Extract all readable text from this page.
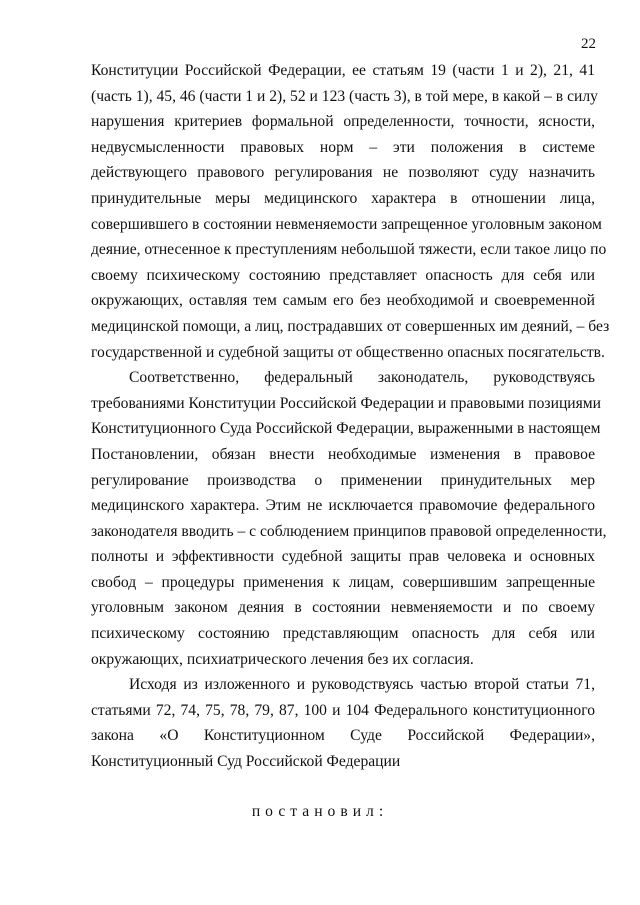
22

Конституции Российской Федерации, ее статьям 19 (части 1 и 2), 21, 41
(часть 1), 45, 46 (части 1 и 2), 52 и 123 (часть 3), в той мере, в какой – в силу
нарушения критериев формальной определенности, точности, ясности,
недвусмысленности правовых норм – эти положения в системе
действующего правового регулирования не позволяют суду назначить
принудительные меры медицинского характера в отношении лица,
совершившего в состоянии невменяемости запрещенное уголовным законом
деяние, отнесенное к преступлениям небольшой тяжести, если такое лицо по
своему психическому состоянию представляет опасность для себя или
окружающих, оставляя тем самым его без необходимой и своевременной
медицинской помощи, а лиц, пострадавших от совершенных им деяний, – без
государственной и судебной защиты от общественно опасных посягательств.

Соответственно, федеральный законодатель, руководствуясь
требованиями Конституции Российской Федерации и правовыми позициями
Конституционного Суда Российской Федерации, выраженными в настоящем
Постановлении, обязан внести необходимые изменения в правовое
регулирование производства о применении принудительных мер
медицинского характера. Этим не исключается правомочие федерального
законодателя вводить – с соблюдением принципов правовой определенности,
полноты и эффективности судебной защиты прав человека и основных
свобод – процедуры применения к лицам, совершившим запрещенные
уголовным законом деяния в состоянии невменяемости и по своему
психическому состоянию представляющим опасность для себя или
окружающих, психиатрического лечения без их согласия.

Исходя из изложенного и руководствуясь частью второй статьи 71,
статьями 72, 74, 75, 78, 79, 87, 100 и 104 Федерального конституционного
закона «О Конституционном Суде Российской Федерации»,
Конституционный Суд Российской Федерации

постановил:
